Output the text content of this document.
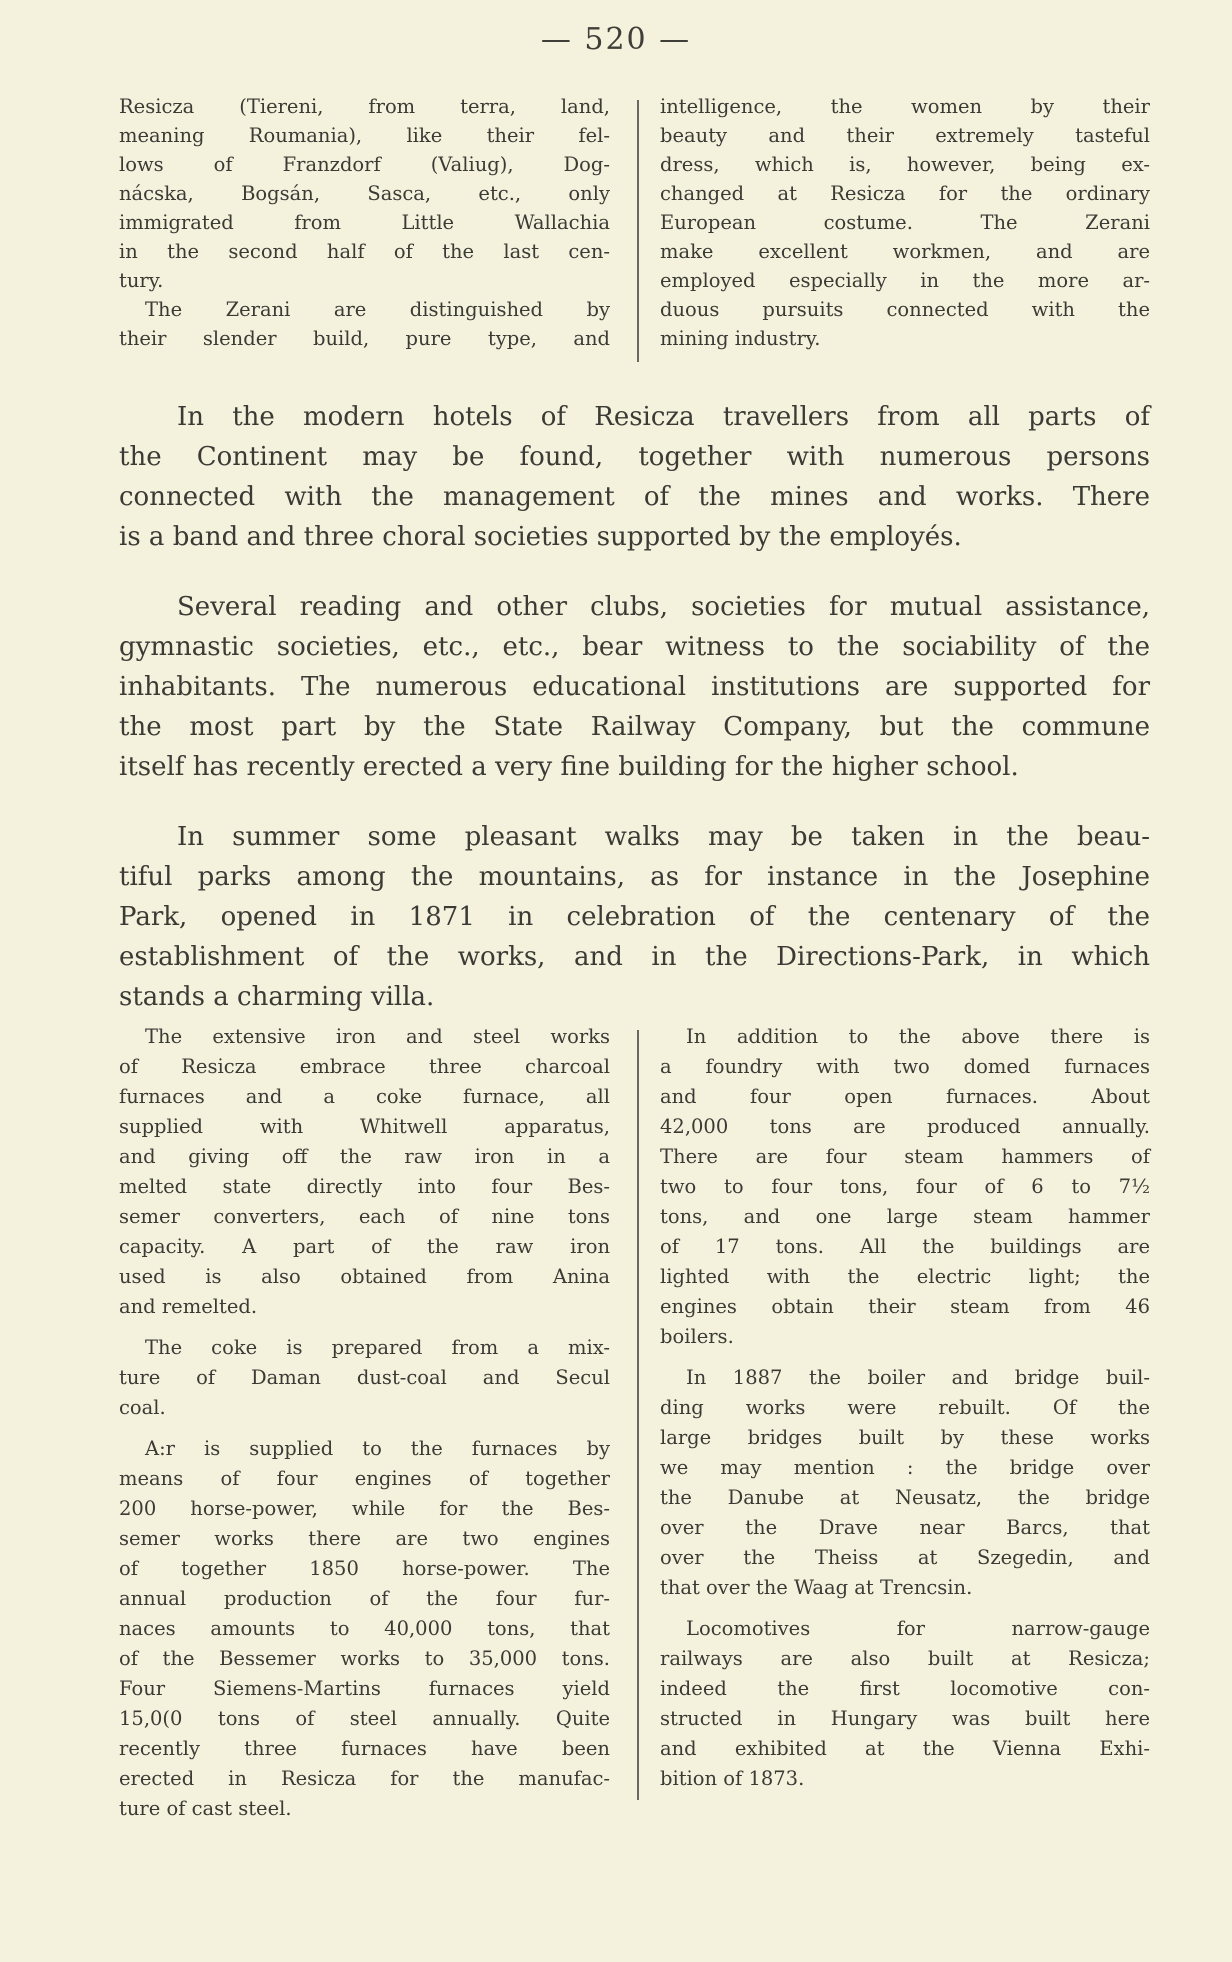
— 520 —
Resicza (Tiereni, from terra, land,
meaning Roumania), like their fel-
lows of Franzdorf (Valiug), Dog-
nácska, Bogsán, Sasca, etc., only
immigrated from Little Wallachia
in the second half of the last cen-
tury.
The Zerani are distinguished by
their slender build, pure type, and
intelligence, the women by their
beauty and their extremely tasteful
dress, which is, however, being ex-
changed at Resicza for the ordinary
European costume. The Zerani
make excellent workmen, and are
employed especially in the more ar-
duous pursuits connected with the
mining industry.
In the modern hotels of Resicza travellers from all parts of
the Continent may be found, together with numerous persons
connected with the management of the mines and works. There
is a band and three choral societies supported by the employés.
Several reading and other clubs, societies for mutual assistance,
gymnastic societies, etc., etc., bear witness to the sociability of the
inhabitants. The numerous educational institutions are supported for
the most part by the State Railway Company, but the commune
itself has recently erected a very fine building for the higher school.
In summer some pleasant walks may be taken in the beau-
tiful parks among the mountains, as for instance in the Josephine
Park, opened in 1871 in celebration of the centenary of the
establishment of the works, and in the Directions-Park, in which
stands a charming villa.
The extensive iron and steel works
of Resicza embrace three charcoal
furnaces and a coke furnace, all
supplied with Whitwell apparatus,
and giving off the raw iron in a
melted state directly into four Bes-
semer converters, each of nine tons
capacity. A part of the raw iron
used is also obtained from Anina
and remelted.
The coke is prepared from a mix-
ture of Daman dust-coal and Secul
coal.
A:r is supplied to the furnaces by
means of four engines of together
200 horse-power, while for the Bes-
semer works there are two engines
of together 1850 horse-power. The
annual production of the four fur-
naces amounts to 40,000 tons, that
of the Bessemer works to 35,000 tons.
Four Siemens-Martins furnaces yield
15,0(0 tons of steel annually. Quite
recently three furnaces have been
erected in Resicza for the manufac-
ture of cast steel.
In addition to the above there is
a foundry with two domed furnaces
and four open furnaces. About
42,000 tons are produced annually.
There are four steam hammers of
two to four tons, four of 6 to 7½
tons, and one large steam hammer
of 17 tons. All the buildings are
lighted with the electric light; the
engines obtain their steam from 46
boilers.
In 1887 the boiler and bridge buil-
ding works were rebuilt. Of the
large bridges built by these works
we may mention : the bridge over
the Danube at Neusatz, the bridge
over the Drave near Barcs, that
over the Theiss at Szegedin, and
that over the Waag at Trencsin.
Locomotives for narrow-gauge
railways are also built at Resicza;
indeed the first locomotive con-
structed in Hungary was built here
and exhibited at the Vienna Exhi-
bition of 1873.
